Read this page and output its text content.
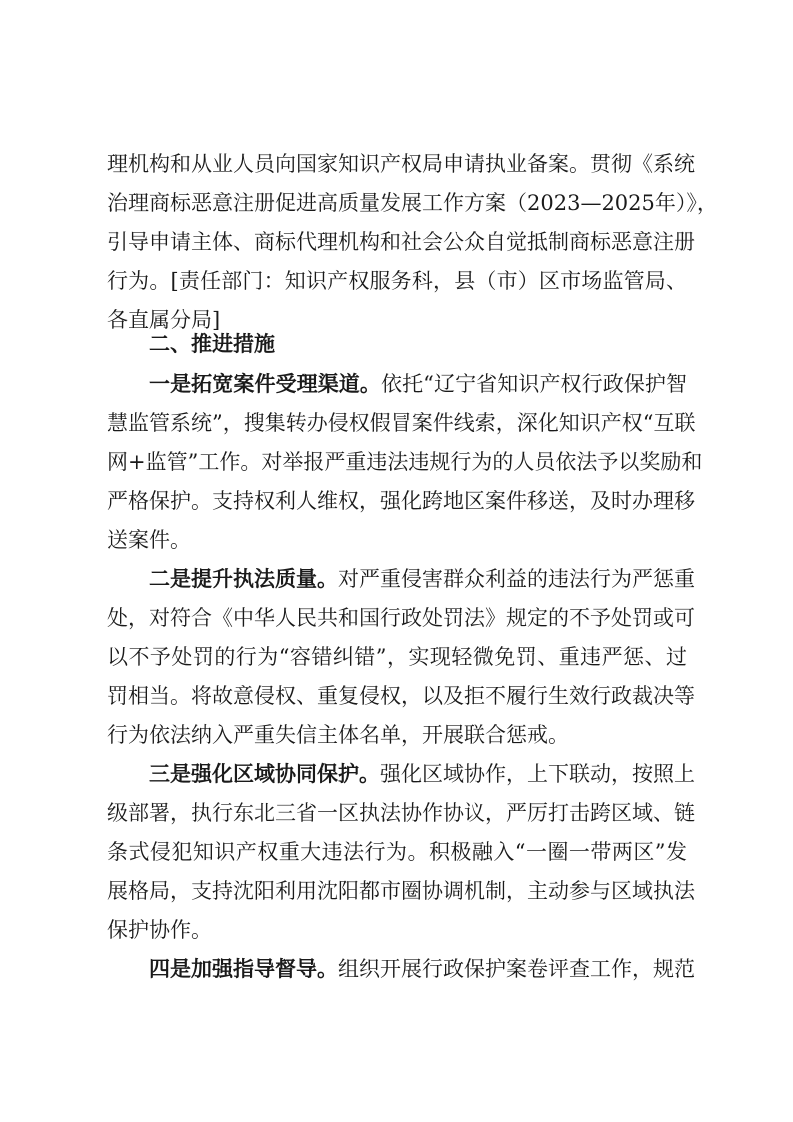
理机构和从业人员向国家知识产权局申请执业备案。贯彻《系统
治理商标恶意注册促进高质量发展工作方案（2023—2025年）》，
引导申请主体、商标代理机构和社会公众自觉抵制商标恶意注册
行为。[责任部门：知识产权服务科，县（市）区市场监管局、
各直属分局]
二、推进措施
一是拓宽案件受理渠道。依托“辽宁省知识产权行政保护智
慧监管系统”，搜集转办侵权假冒案件线索，深化知识产权“互联
网+监管”工作。对举报严重违法违规行为的人员依法予以奖励和
严格保护。支持权利人维权，强化跨地区案件移送，及时办理移
送案件。
二是提升执法质量。对严重侵害群众利益的违法行为严惩重
处，对符合《中华人民共和国行政处罚法》规定的不予处罚或可
以不予处罚的行为“容错纠错”，实现轻微免罚、重违严惩、过
罚相当。将故意侵权、重复侵权，以及拒不履行生效行政裁决等
行为依法纳入严重失信主体名单，开展联合惩戒。
三是强化区域协同保护。强化区域协作，上下联动，按照上
级部署，执行东北三省一区执法协作协议，严厉打击跨区域、链
条式侵犯知识产权重大违法行为。积极融入“一圈一带两区”发
展格局，支持沈阳利用沈阳都市圈协调机制，主动参与区域执法
保护协作。
四是加强指导督导。组织开展行政保护案卷评查工作，规范
